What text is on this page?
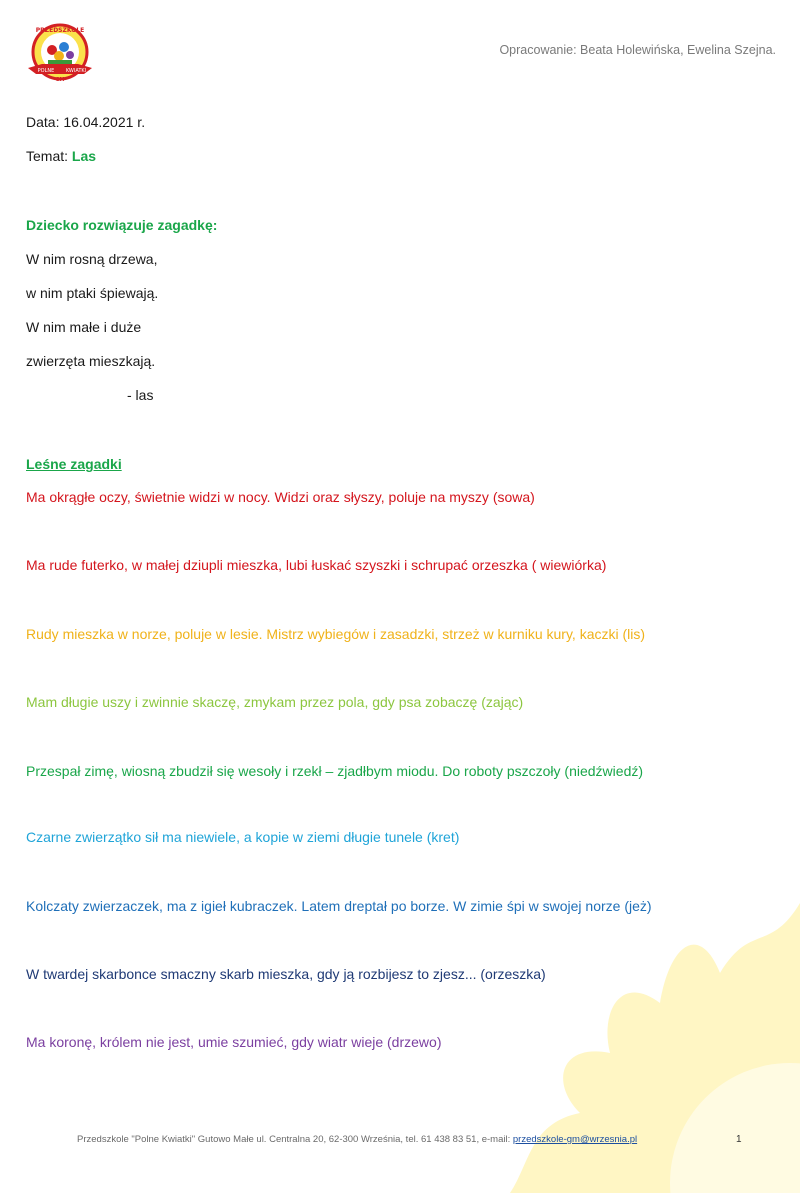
PRZEDSZKOLE
POLNE KWIATKI
GM
Opracowanie: Beata Holewińska, Ewelina Szejna.
Data: 16.04.2021 r.
Temat: Las
Dziecko rozwiązuje zagadkę:
W nim rosną drzewa,
w nim ptaki śpiewają.
W nim małe i duże
zwierzęta mieszkają.
- las
Leśne zagadki
Ma okrągłe oczy, świetnie widzi w nocy. Widzi oraz słyszy, poluje na myszy (sowa)
Ma rude futerko, w małej dziupli mieszka, lubi łuskać szyszki i schrupać orzeszka ( wiewiórka)
Rudy mieszka w norze, poluje w lesie. Mistrz wybiegów i zasadzki, strzeż w kurniku kury, kaczki (lis)
Mam długie uszy i zwinnie skaczę, zmykam przez pola, gdy psa zobaczę (zając)
Przespał zimę, wiosną zbudził się wesoły i rzekł – zjadłbym miodu. Do roboty pszczoły (niedźwiedź)
Czarne zwierzątko sił ma niewiele, a kopie w ziemi długie tunele (kret)
Kolczaty zwierzaczek, ma z igieł kubraczek. Latem dreptał po borze. W zimie śpi w swojej norze (jeż)
W twardej skarbonce smaczny skarb mieszka, gdy ją rozbijesz to zjesz... (orzeszka)
Ma koronę, królem nie jest, umie szumieć, gdy wiatr wieje (drzewo)
Przedszkole "Polne Kwiatki" Gutowo Małe ul. Centralna 20, 62-300 Września, tel. 61 438 83 51, e-mail: przedszkole-gm@wrzesnia.pl	1
